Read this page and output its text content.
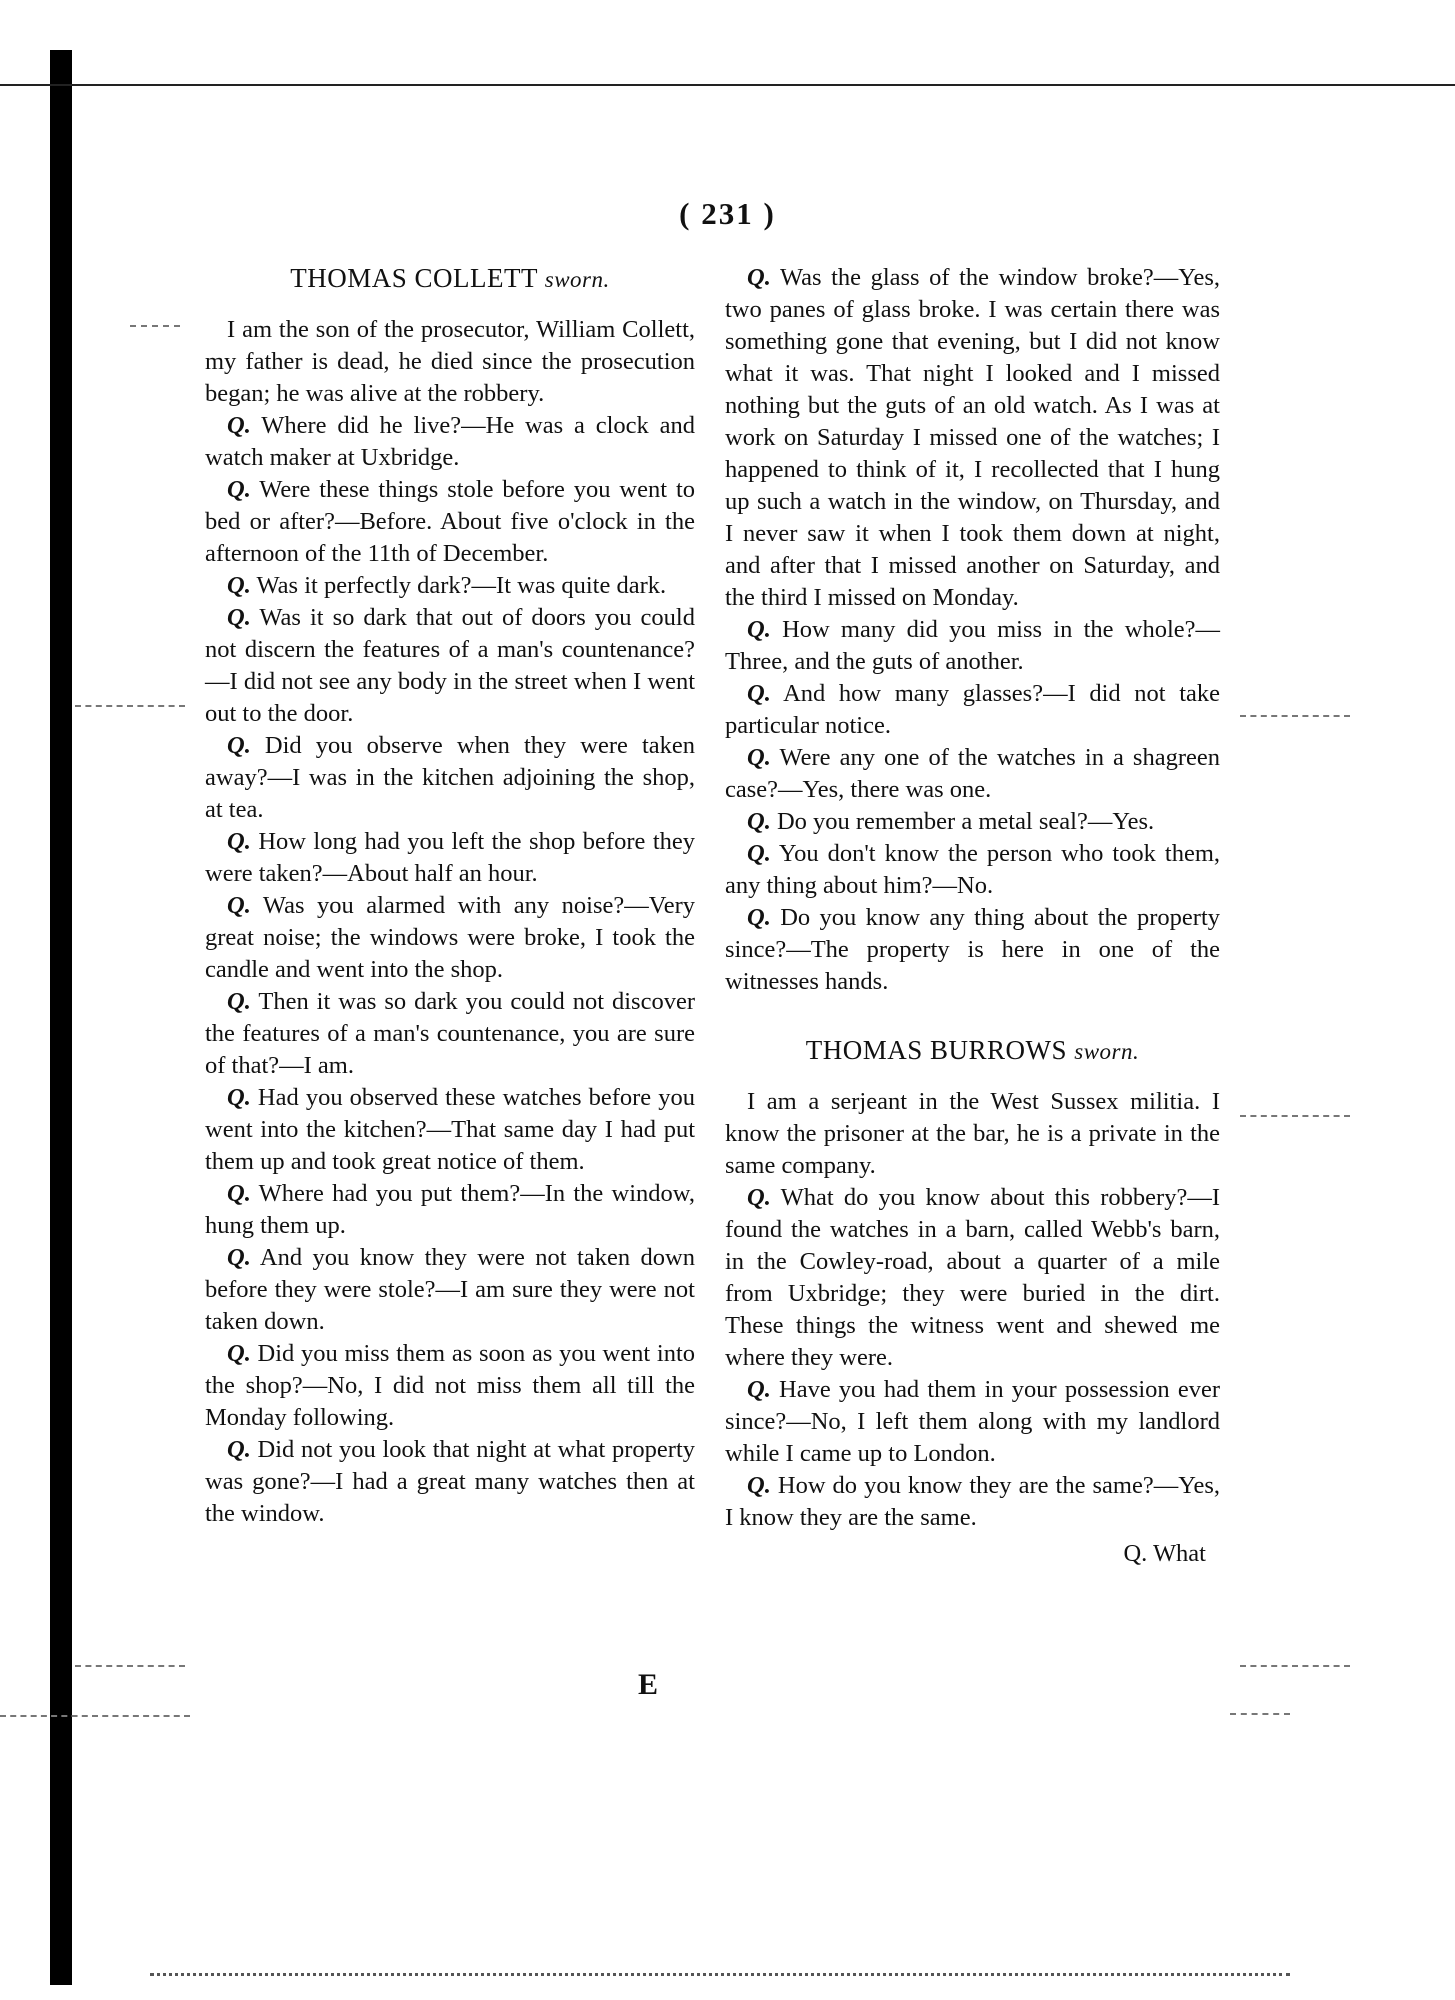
( 231 )
THOMAS COLLETT sworn.

I am the son of the prosecutor, William Collett, my father is dead, he died since the prosecution began; he was alive at the robbery.

Q. Where did he live?—He was a clock and watch maker at Uxbridge.

Q. Were these things stole before you went to bed or after?—Before. About five o'clock in the afternoon of the 11th of December.

Q. Was it perfectly dark?—It was quite dark.

Q. Was it so dark that out of doors you could not discern the features of a man's countenance?—I did not see any body in the street when I went out to the door.

Q. Did you observe when they were taken away?—I was in the kitchen adjoining the shop, at tea.

Q. How long had you left the shop before they were taken?—About half an hour.

Q. Was you alarmed with any noise?—Very great noise; the windows were broke, I took the candle and went into the shop.

Q. Then it was so dark you could not discover the features of a man's countenance, you are sure of that?—I am.

Q. Had you observed these watches before you went into the kitchen?—That same day I had put them up and took great notice of them.

Q. Where had you put them?—In the window, hung them up.

Q. And you know they were not taken down before they were stole?—I am sure they were not taken down.

Q. Did you miss them as soon as you went into the shop?—No, I did not miss them all till the Monday following.

Q. Did not you look that night at what property was gone?—I had a great many watches then at the window.

Q. Was the glass of the window broke?—Yes, two panes of glass broke. I was certain there was something gone that evening, but I did not know what it was. That night I looked and I missed nothing but the guts of an old watch. As I was at work on Saturday I missed one of the watches; I happened to think of it, I recollected that I hung up such a watch in the window, on Thursday, and I never saw it when I took them down at night, and after that I missed another on Saturday, and the third I missed on Monday.

Q. How many did you miss in the whole?—Three, and the guts of another.

Q. And how many glasses?—I did not take particular notice.

Q. Were any one of the watches in a shagreen case?—Yes, there was one.

Q. Do you remember a metal seal?—Yes.

Q. You don't know the person who took them, any thing about him?—No.

Q. Do you know any thing about the property since?—The property is here in one of the witnesses hands.

THOMAS BURROWS sworn.

I am a serjeant in the West Sussex militia. I know the prisoner at the bar, he is a private in the same company.

Q. What do you know about this robbery?—I found the watches in a barn, called Webb's barn, in the Cowley-road, about a quarter of a mile from Uxbridge; they were buried in the dirt. These things the witness went and shewed me where they were.

Q. Have you had them in your possession ever since?—No, I left them along with my landlord while I came up to London.

Q. How do you know they are the same?—Yes, I know they are the same.

Q. What
E
